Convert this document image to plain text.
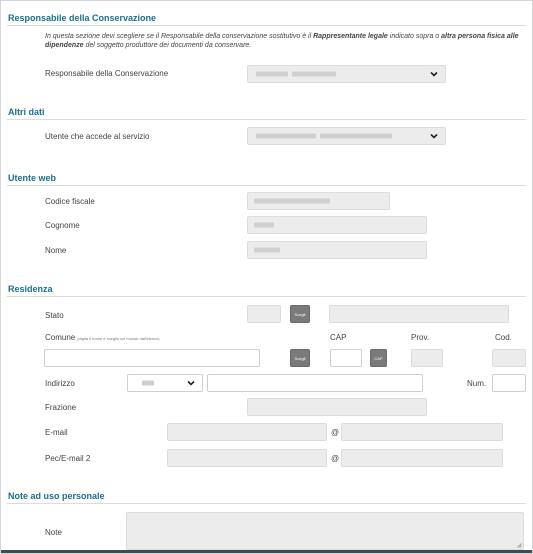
Responsabile della Conservazione
In questa sezione devi scegliere se il Responsabile della conservazione sostitutivo è il Rappresentante legale indicato sopra o altra persona fisica alle dipendenze del soggetto produttore dei documenti da conservare.
Responsabile della Conservazione
Altri dati
Utente che accede al servizio
Utente web
Codice fiscale
Cognome
Nome
Residenza
Stato	Scegli
Comune (digita il nome e scegilo col mouse dall'elenco)	CAP	Prov.	Cod.
Scegli	CAP
Indirizzo	Num.
Frazione
E-mail	@
Pec/E-mail 2	@
Note ad uso personale
Note
